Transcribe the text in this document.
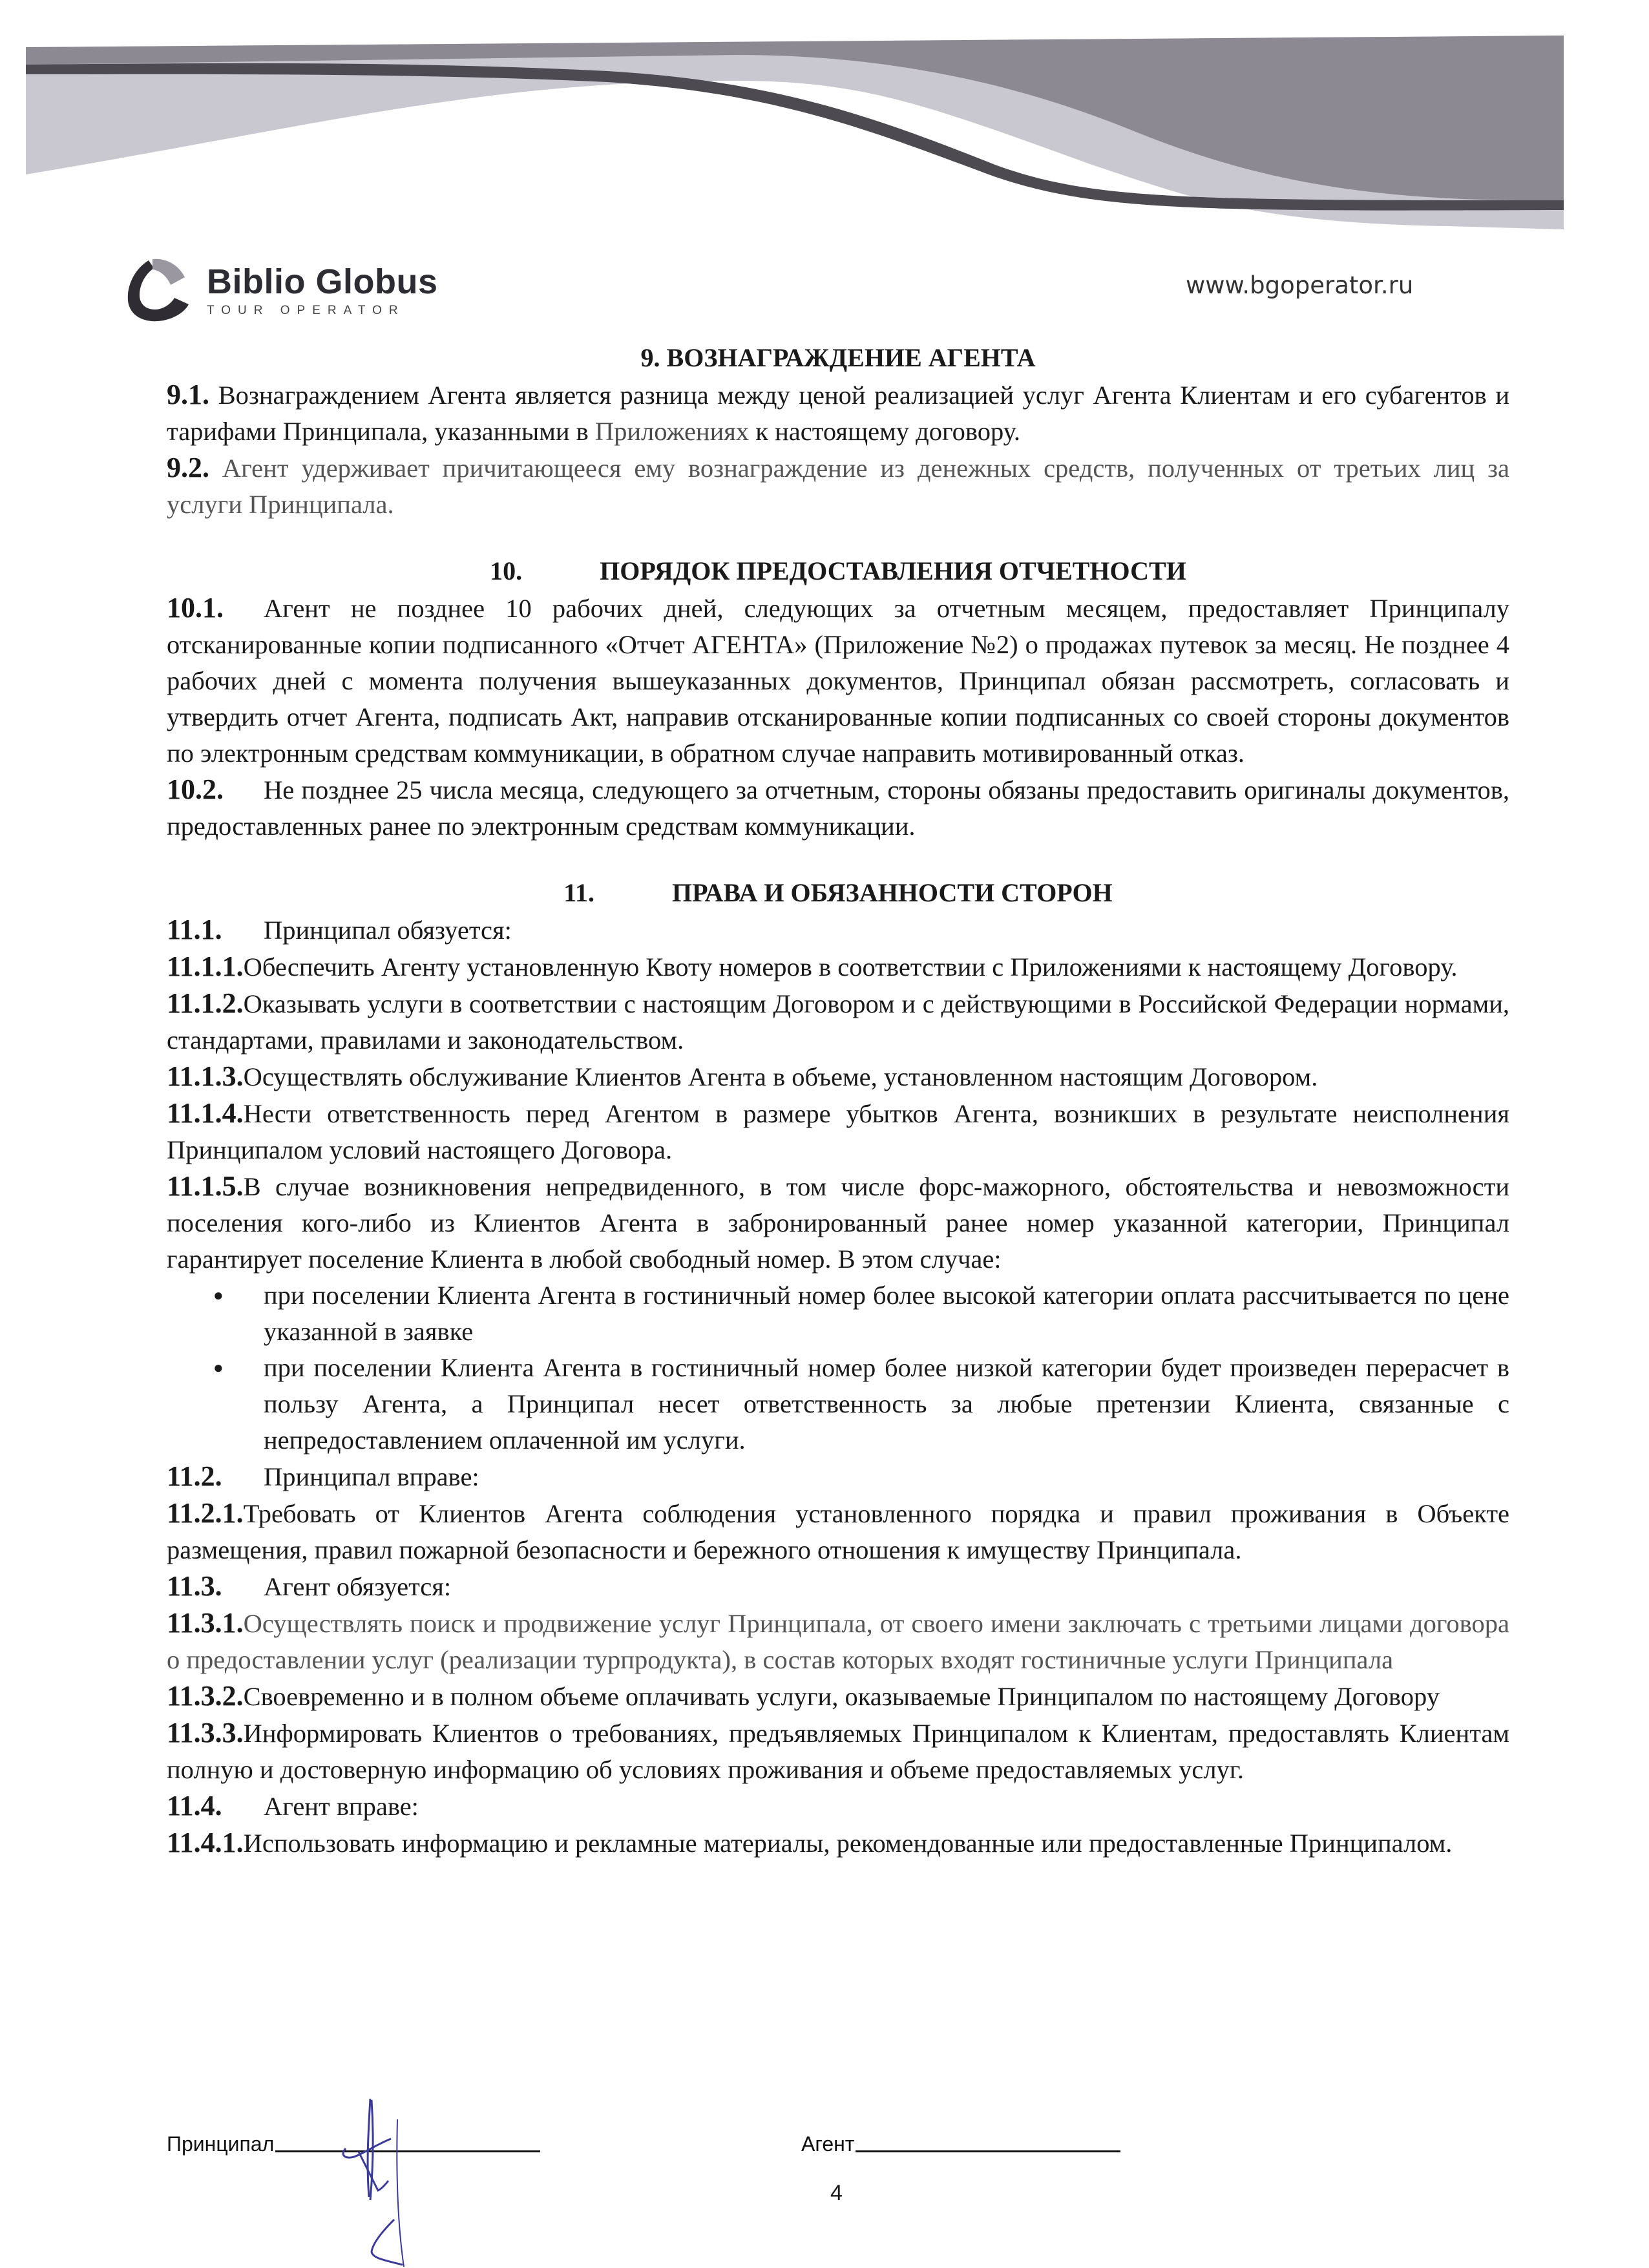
Biblio Globus
TOUR OPERATOR
www.bgoperator.ru
9. ВОЗНАГРАЖДЕНИЕ АГЕНТА
9.1. Вознаграждением Агента является разница между ценой реализацией услуг Агента Клиентам и его субагентов и тарифами Принципала, указанными в Приложениях к настоящему договору.
9.2. Агент удерживает причитающееся ему вознаграждение из денежных средств, полученных от третьих лиц за услуги Принципала.
10.	ПОРЯДОК ПРЕДОСТАВЛЕНИЯ ОТЧЕТНОСТИ
10.1. Агент не позднее 10 рабочих дней, следующих за отчетным месяцем, предоставляет Принципалу отсканированные копии подписанного «Отчет АГЕНТА» (Приложение №2) о продажах путевок за месяц. Не позднее 4 рабочих дней с момента получения вышеуказанных документов, Принципал обязан рассмотреть, согласовать и утвердить отчет Агента, подписать Акт, направив отсканированные копии подписанных со своей стороны документов по электронным средствам коммуникации, в обратном случае направить мотивированный отказ.
10.2. Не позднее 25 числа месяца, следующего за отчетным, стороны обязаны предоставить оригиналы документов, предоставленных ранее по электронным средствам коммуникации.
11.	ПРАВА И ОБЯЗАННОСТИ СТОРОН
11.1. Принципал обязуется:
11.1.1.Обеспечить Агенту установленную Квоту номеров в соответствии с Приложениями к настоящему Договору.
11.1.2.Оказывать услуги в соответствии с настоящим Договором и с действующими в Российской Федерации нормами, стандартами, правилами и законодательством.
11.1.3.Осуществлять обслуживание Клиентов Агента в объеме, установленном настоящим Договором.
11.1.4.Нести ответственность перед Агентом в размере убытков Агента, возникших в результате неисполнения Принципалом условий настоящего Договора.
11.1.5.В случае возникновения непредвиденного, в том числе форс-мажорного, обстоятельства и невозможности поселения кого-либо из Клиентов Агента в забронированный ранее номер указанной категории, Принципал гарантирует поселение Клиента в любой свободный номер. В этом случае:
● при поселении Клиента Агента в гостиничный номер более высокой категории оплата рассчитывается по цене указанной в заявке
● при поселении Клиента Агента в гостиничный номер более низкой категории будет произведен перерасчет в пользу Агента, а Принципал несет ответственность за любые претензии Клиента, связанные с непредоставлением оплаченной им услуги.
11.2. Принципал вправе:
11.2.1.Требовать от Клиентов Агента соблюдения установленного порядка и правил проживания в Объекте размещения, правил пожарной безопасности и бережного отношения к имуществу Принципала.
11.3. Агент обязуется:
11.3.1.Осуществлять поиск и продвижение услуг Принципала, от своего имени заключать с третьими лицами договора о предоставлении услуг (реализации турпродукта), в состав которых входят гостиничные услуги Принципала
11.3.2.Своевременно и в полном объеме оплачивать услуги, оказываемые Принципалом по настоящему Договору
11.3.3.Информировать Клиентов о требованиях, предъявляемых Принципалом к Клиентам, предоставлять Клиентам полную и достоверную информацию об условиях проживания и объеме предоставляемых услуг.
11.4. Агент вправе:
11.4.1.Использовать информацию и рекламные материалы, рекомендованные или предоставленные Принципалом.
Принципал	Агент
4
